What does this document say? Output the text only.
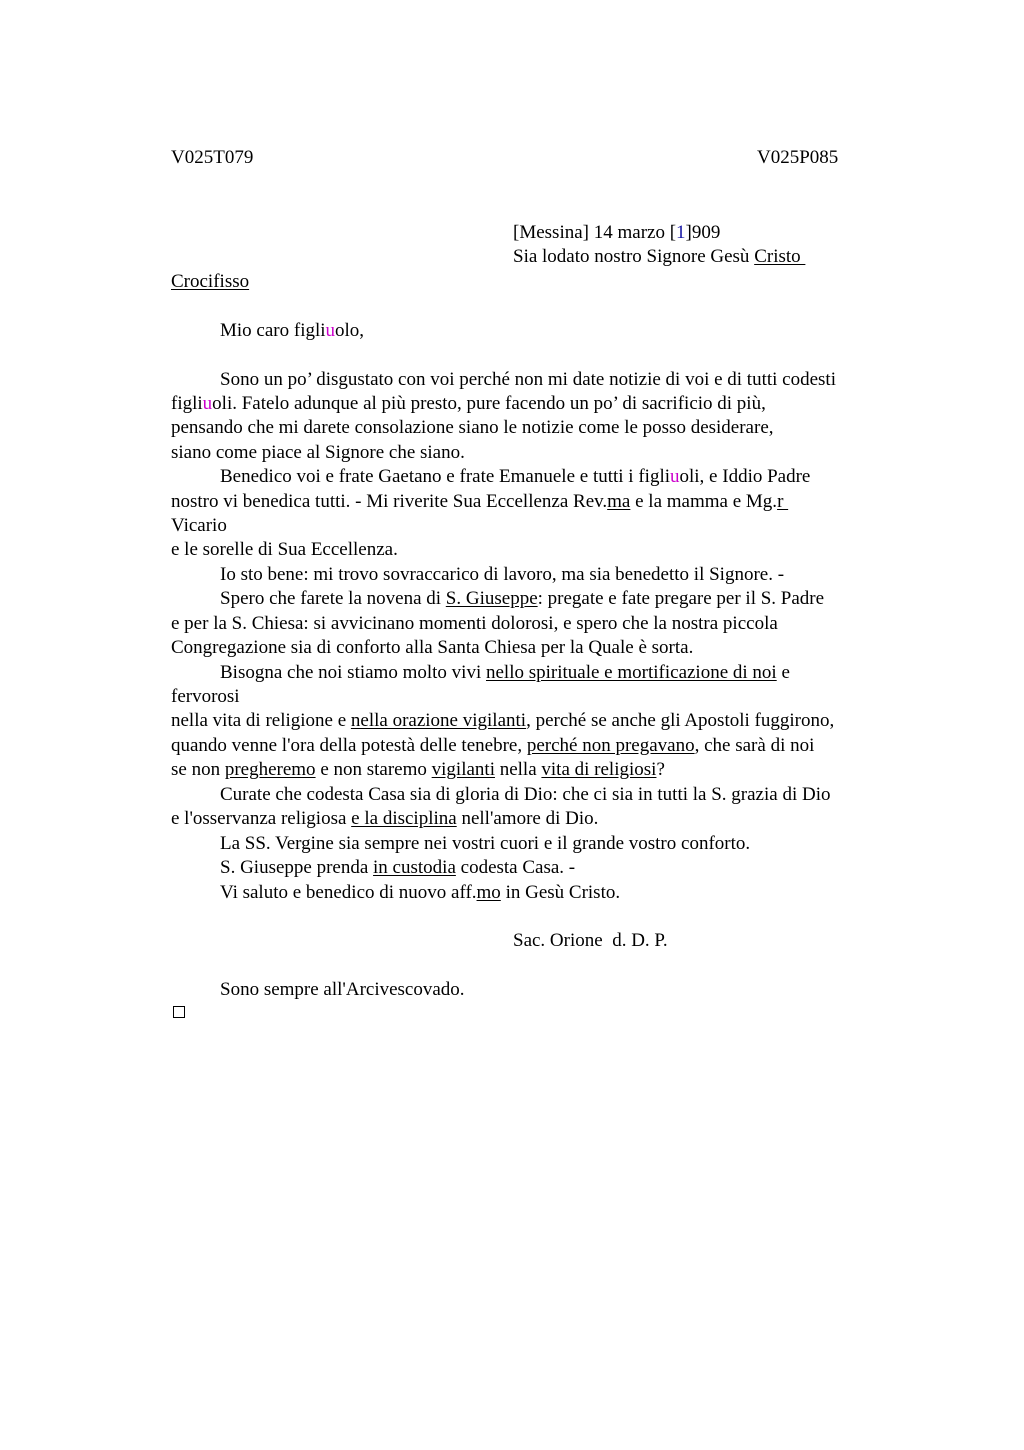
V025T079	V025P085
[Messina] 14 marzo [1]909
Sia lodato nostro Signore Gesù Cristo
Crocifisso
Mio caro figliuolo,
Sono un po’ disgustato con voi perché non mi date notizie di voi e di tutti codesti
figliuoli. Fatelo adunque al più presto, pure facendo un po’ di sacrificio di più,
pensando che mi darete consolazione siano le notizie come le posso desiderare,
siano come piace al Signore che siano.
Benedico voi e frate Gaetano e frate Emanuele e tutti i figliuoli, e Iddio Padre
nostro vi benedica tutti. - Mi riverite Sua Eccellenza Rev.ma e la mamma e Mg.r
Vicario
e le sorelle di Sua Eccellenza.
Io sto bene: mi trovo sovraccarico di lavoro, ma sia benedetto il Signore. -
Spero che farete la novena di S. Giuseppe: pregate e fate pregare per il S. Padre
e per la S. Chiesa: si avvicinano momenti dolorosi, e spero che la nostra piccola
Congregazione sia di conforto alla Santa Chiesa per la Quale è sorta.
Bisogna che noi stiamo molto vivi nello spirituale e mortificazione di noi e
fervorosi
nella vita di religione e nella orazione vigilanti, perché se anche gli Apostoli fuggirono,
quando venne l'ora della potestà delle tenebre, perché non pregavano, che sarà di noi
se non pregheremo e non staremo vigilanti nella vita di religiosi?
Curate che codesta Casa sia di gloria di Dio: che ci sia in tutti la S. grazia di Dio
e l'osservanza religiosa e la disciplina nell'amore di Dio.
La SS. Vergine sia sempre nei vostri cuori e il grande vostro conforto.
S. Giuseppe prenda in custodia codesta Casa. -
Vi saluto e benedico di nuovo aff.mo in Gesù Cristo.
Sac. Orione  d. D. P.
Sono sempre all'Arcivescovado.
